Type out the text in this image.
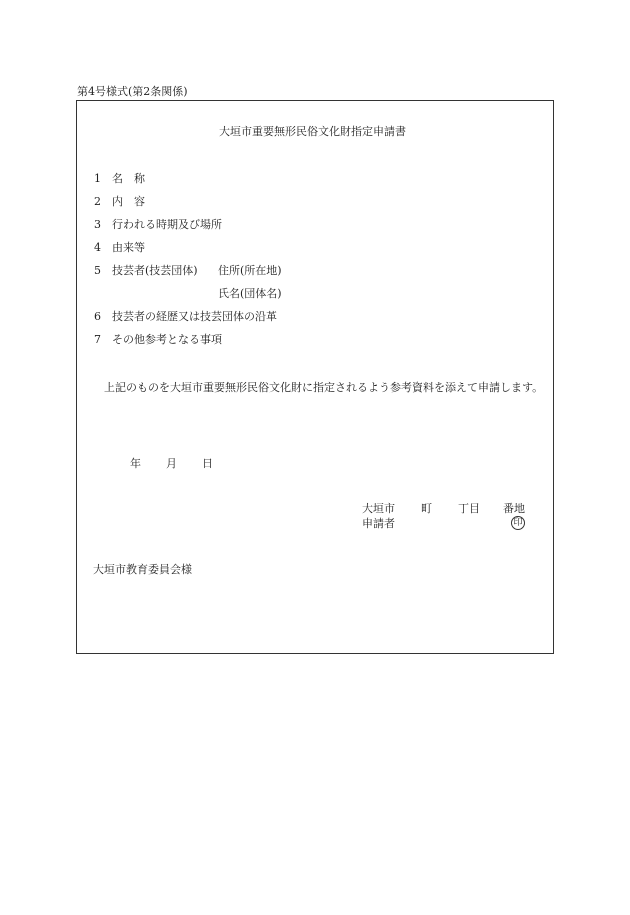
第4号様式(第2条関係)
大垣市重要無形民俗文化財指定申請書
1 名　称
2 内　容
3 行われる時期及び場所
4 由来等
5 技芸者(技芸団体) 住所(所在地)
氏名(団体名)
6 技芸者の経歴又は技芸団体の沿革
7 その他参考となる事項
上記のものを大垣市重要無形民俗文化財に指定されるよう参考資料を添えて申請します。
年 月 日
大垣市 町 丁目 番地
申請者	印
大垣市教育委員会様
